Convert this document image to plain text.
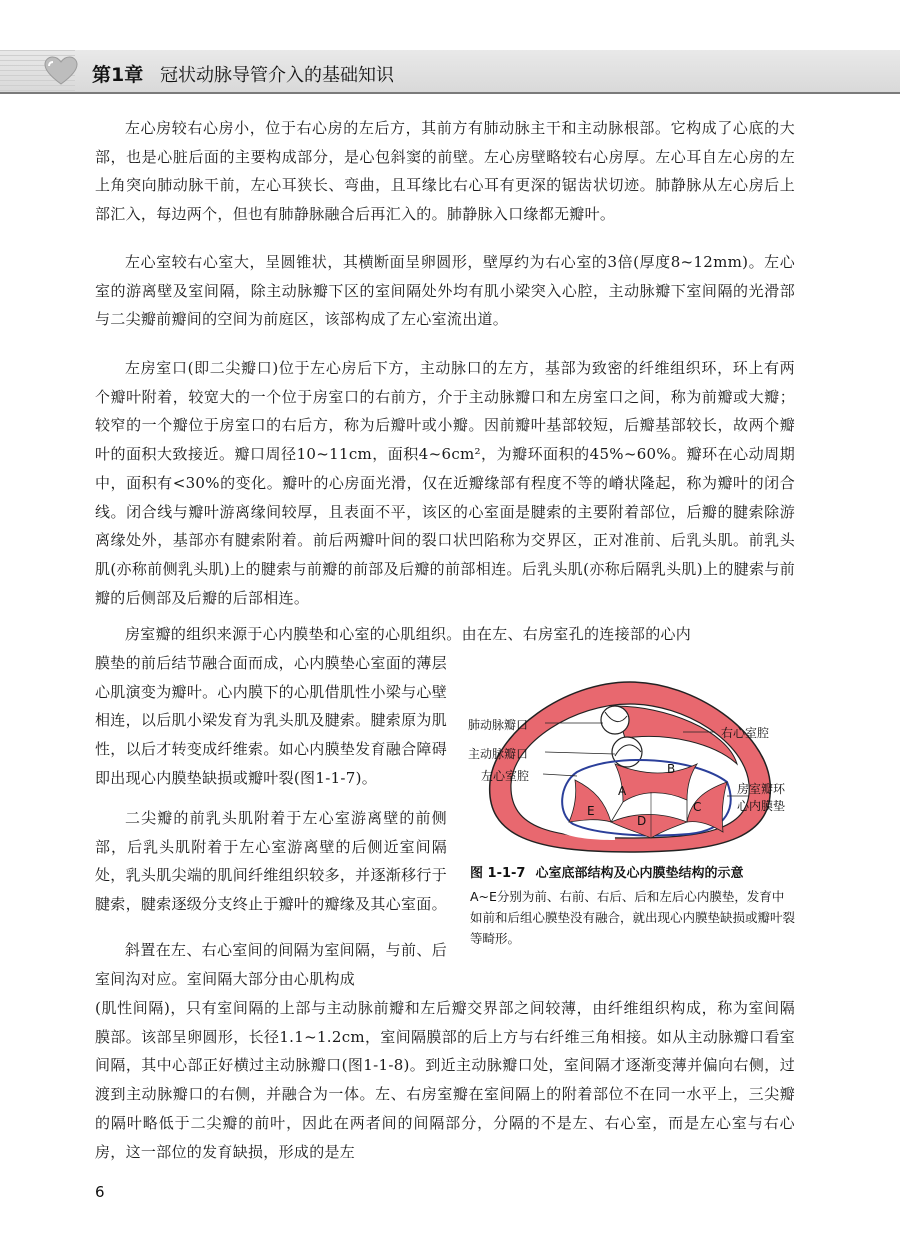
第1章 冠状动脉导管介入的基础知识

左心房较右心房小，位于右心房的左后方，其前方有肺动脉主干和主动脉根部。它构成了心底的大部，也是心脏后面的主要构成部分，是心包斜窦的前壁。左心房壁略较右心房厚。左心耳自左心房的左上角突向肺动脉干前，左心耳狭长、弯曲，且耳缘比右心耳有更深的锯齿状切迹。肺静脉从左心房后上部汇入，每边两个，但也有肺静脉融合后再汇入的。肺静脉入口缘都无瓣叶。

左心室较右心室大，呈圆锥状，其横断面呈卵圆形，壁厚约为右心室的3倍(厚度8~12mm)。左心室的游离壁及室间隔，除主动脉瓣下区的室间隔处外均有肌小梁突入心腔，主动脉瓣下室间隔的光滑部与二尖瓣前瓣间的空间为前庭区，该部构成了左心室流出道。

左房室口(即二尖瓣口)位于左心房后下方，主动脉口的左方，基部为致密的纤维组织环，环上有两个瓣叶附着，较宽大的一个位于房室口的右前方，介于主动脉瓣口和左房室口之间，称为前瓣或大瓣；较窄的一个瓣位于房室口的右后方，称为后瓣叶或小瓣。因前瓣叶基部较短，后瓣基部较长，故两个瓣叶的面积大致接近。瓣口周径10~11cm，面积4~6cm²，为瓣环面积的45%~60%。瓣环在心动周期中，面积有<30%的变化。瓣叶的心房面光滑，仅在近瓣缘部有程度不等的嵴状隆起，称为瓣叶的闭合线。闭合线与瓣叶游离缘间较厚，且表面不平，该区的心室面是腱索的主要附着部位，后瓣的腱索除游离缘处外，基部亦有腱索附着。前后两瓣叶间的裂口状凹陷称为交界区，正对准前、后乳头肌。前乳头肌(亦称前侧乳头肌)上的腱索与前瓣的前部及后瓣的前部相连。后乳头肌(亦称后隔乳头肌)上的腱索与前瓣的后侧部及后瓣的后部相连。

房室瓣的组织来源于心内膜垫和心室的心肌组织。由在左、右房室孔的连接部的心内

膜垫的前后结节融合面而成，心内膜垫心室面的薄层心肌演变为瓣叶。心内膜下的心肌借肌性小梁与心壁相连，以后肌小梁发育为乳头肌及腱索。腱索原为肌性，以后才转变成纤维索。如心内膜垫发育融合障碍即出现心内膜垫缺损或瓣叶裂(图1-1-7)。

二尖瓣的前乳头肌附着于左心室游离壁的前侧部，后乳头肌附着于左心室游离壁的后侧近室间隔处，乳头肌尖端的肌间纤维组织较多，并逐渐移行于腱索，腱索逐级分支终止于瓣叶的瓣缘及其心室面。

斜置在左、右心室间的间隔为室间隔，与前、后室间沟对应。室间隔大部分由心肌构成

(肌性间隔)，只有室间隔的上部与主动脉前瓣和左后瓣交界部之间较薄，由纤维组织构成，称为室间隔膜部。该部呈卵圆形，长径1.1~1.2cm，室间隔膜部的后上方与右纤维三角相接。如从主动脉瓣口看室间隔，其中心部正好横过主动脉瓣口(图1-1-8)。到近主动脉瓣口处，室间隔才逐渐变薄并偏向右侧，过渡到主动脉瓣口的右侧，并融合为一体。左、右房室瓣在室间隔上的附着部位不在同一水平上，三尖瓣的隔叶略低于二尖瓣的前叶，因此在两者间的间隔部分，分隔的不是左、右心室，而是左心室与右心房，这一部位的发育缺损，形成的是左

肺动脉瓣口
主动脉瓣口
左心室腔
右心室腔
房室瓣环
心内膜垫
A
B
C
D
E
图 1-1-7 心室底部结构及心内膜垫结构的示意
A~E分别为前、右前、右后、后和左后心内膜垫，发育中如前和后组心膜垫没有融合，就出现心内膜垫缺损或瓣叶裂等畸形。
6
